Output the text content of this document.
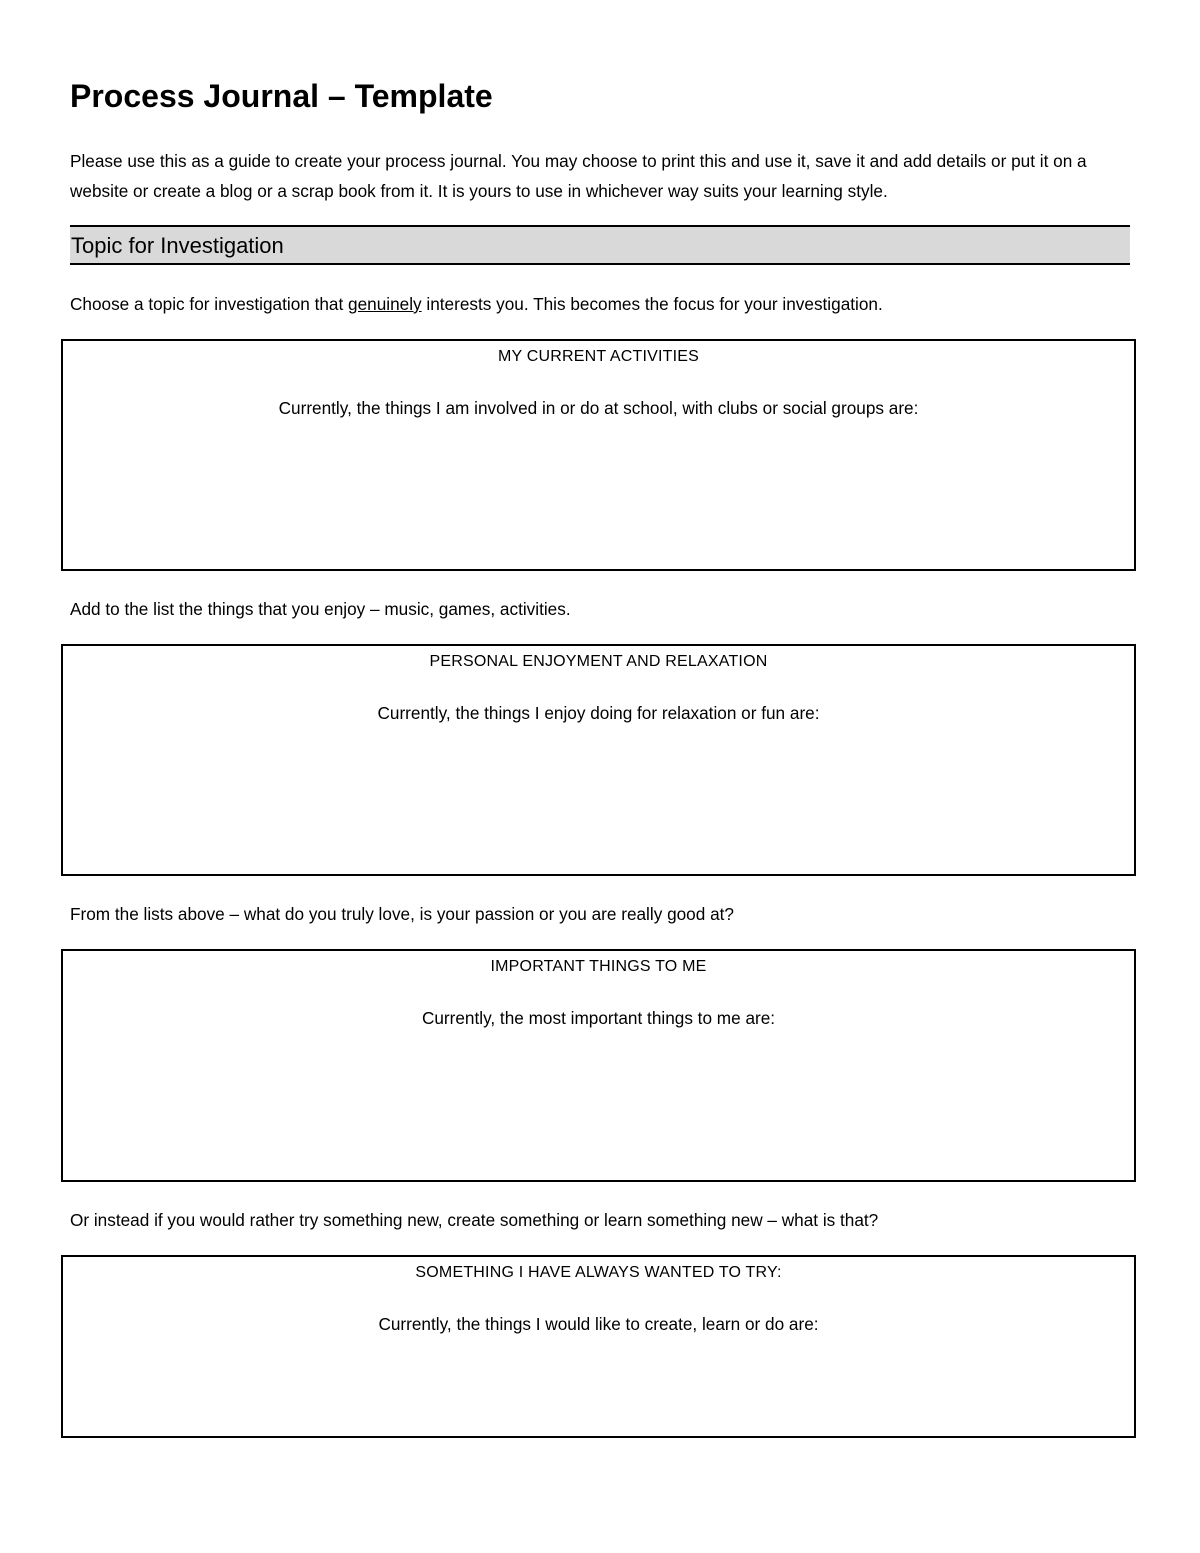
Process Journal – Template

Please use this as a guide to create your process journal. You may choose to print this and use it, save it and add details or put it on a website or create a blog or a scrap book from it. It is yours to use in whichever way suits your learning style.

Topic for Investigation

Choose a topic for investigation that genuinely interests you. This becomes the focus for your investigation.

MY CURRENT ACTIVITIES
Currently, the things I am involved in or do at school, with clubs or social groups are:

Add to the list the things that you enjoy – music, games, activities.

PERSONAL ENJOYMENT AND RELAXATION
Currently, the things I enjoy doing for relaxation or fun are:

From the lists above – what do you truly love, is your passion or you are really good at?

IMPORTANT THINGS TO ME
Currently, the most important things to me are:

Or instead if you would rather try something new, create something or learn something new – what is that?

SOMETHING I HAVE ALWAYS WANTED TO TRY:
Currently, the things I would like to create, learn or do are:
